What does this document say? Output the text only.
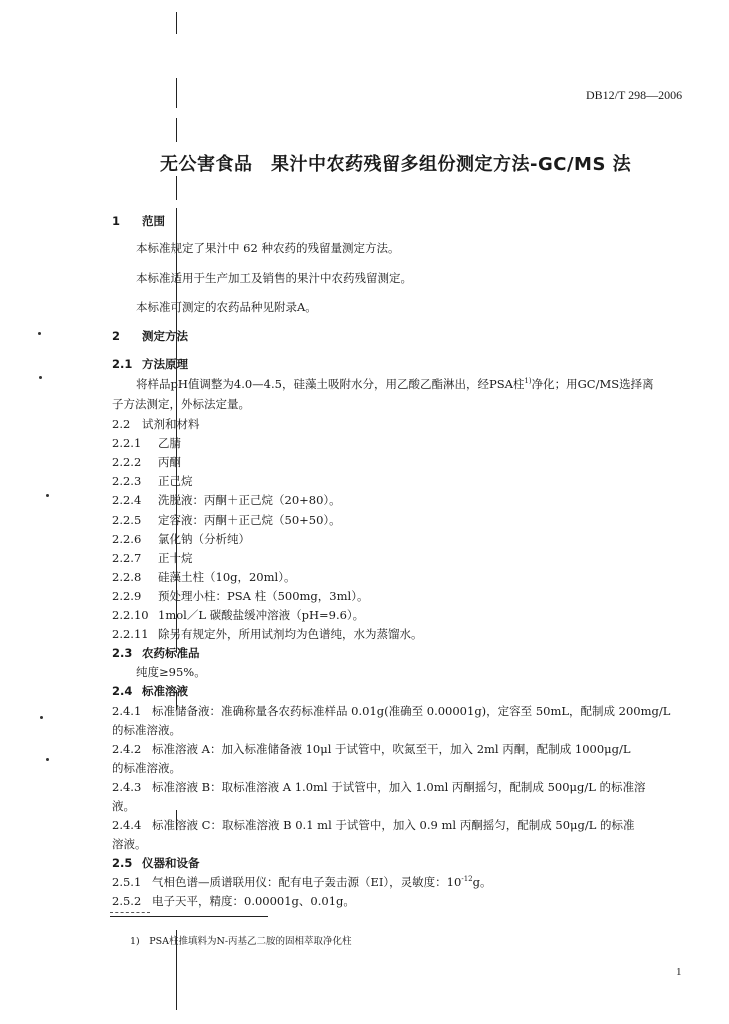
DB12/T 298—2006
无公害食品　果汁中农药残留多组份测定方法-GC/MS 法
1 范围
本标准规定了果汁中 62 种农药的残留量测定方法。
本标准适用于生产加工及销售的果汁中农药残留测定。
本标准可测定的农药品种见附录A。
2 测定方法
2.1 方法原理
将样品pH值调整为4.0—4.5，硅藻土吸附水分，用乙酸乙酯淋出，经PSA柱$^{1)}$净化；用GC/MS选择离
子方法测定，外标法定量。
2.2 试剂和材料
2.2.1 乙腈
2.2.2 丙酮
2.2.3 正己烷
2.2.4 洗脱液：丙酮＋正己烷（20+80）。
2.2.5 定容液：丙酮＋正己烷（50+50）。
2.2.6 氯化钠（分析纯）
2.2.7 正十烷
2.2.8 硅藻土柱（10g，20ml）。
2.2.9 预处理小柱：PSA 柱（500mg，3ml）。
2.2.10 1mol／L 碳酸盐缓冲溶液（pH=9.6）。
2.2.11 除另有规定外，所用试剂均为色谱纯，水为蒸馏水。
2.3 农药标准品
纯度≥95%。
2.4 标准溶液
2.4.1 标准储备液：准确称量各农药标准样品 0.01g(准确至 0.00001g)，定容至 50mL，配制成 200mg/L
的标准溶液。
2.4.2 标准溶液 A：加入标准储备液 10μl 于试管中，吹氮至干，加入 2ml 丙酮，配制成 1000μg/L
的标准溶液。
2.4.3 标准溶液 B：取标准溶液 A 1.0ml 于试管中，加入 1.0ml 丙酮摇匀，配制成 500μg/L 的标准溶
液。
2.4.4 标准溶液 C：取标准溶液 B 0.1 ml 于试管中，加入 0.9 ml 丙酮摇匀，配制成 50μg/L 的标准
溶液。
2.5 仪器和设备
2.5.1 气相色谱—质谱联用仪：配有电子轰击源（EI），灵敏度：$10^{-12}g$。
2.5.2 电子天平，精度：0.00001g、0.01g。
1)　PSA柱推填料为N-丙基乙二胺的固相萃取净化柱
1
